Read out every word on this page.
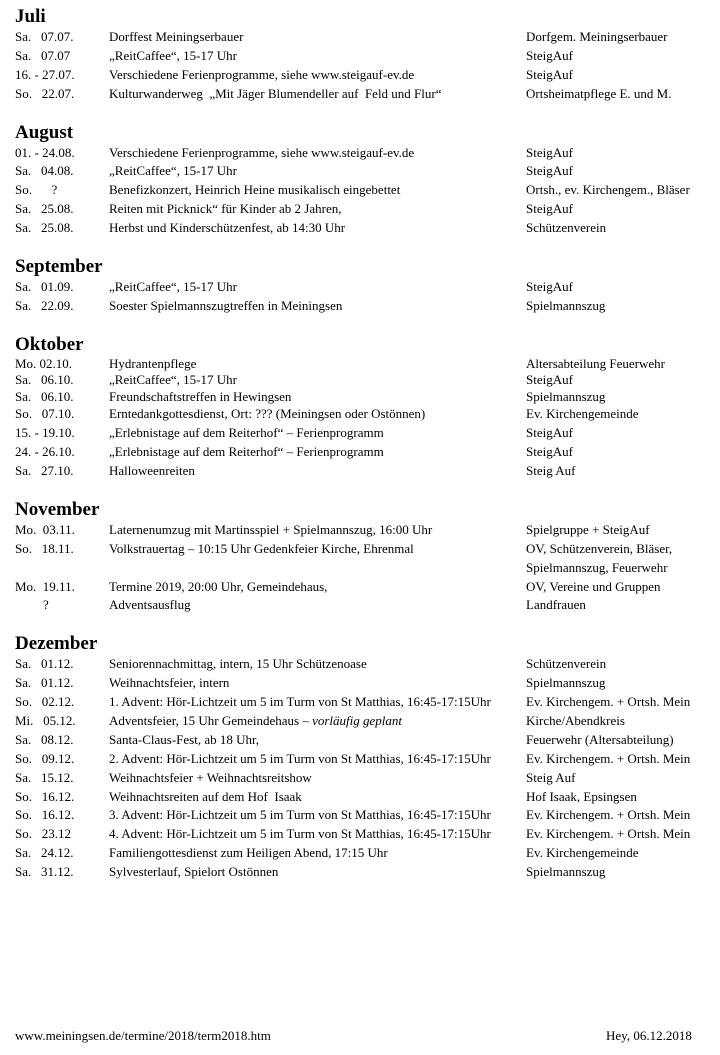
Juli
Sa.   07.07.	Dorffest Meiningserbauer	Dorfgem. Meiningserbauer
Sa.   07.07	„ReitCaffee“, 15-17 Uhr	SteigAuf
16. - 27.07.	Verschiedene Ferienprogramme, siehe www.steigauf-ev.de	SteigAuf
So.   22.07.	Kulturwanderweg  „Mit Jäger Blumendeller auf  Feld und Flur“	Ortsheimatpflege E. und M.
August
01. - 24.08.	Verschiedene Ferienprogramme, siehe www.steigauf-ev.de	SteigAuf
Sa.   04.08.	„ReitCaffee“, 15-17 Uhr	SteigAuf
So.      ?	Benefizkonzert, Heinrich Heine musikalisch eingebettet	Ortsh., ev. Kirchengem., Bläser
Sa.   25.08.	Reiten mit Picknick“ für Kinder ab 2 Jahren,	SteigAuf
Sa.   25.08.	Herbst und Kinderschützenfest, ab 14:30 Uhr	Schützenverein
September
Sa.   01.09.	„ReitCaffee“, 15-17 Uhr	SteigAuf
Sa.   22.09.	Soester Spielmannszugtreffen in Meiningsen	Spielmannszug
Oktober
Mo. 02.10.	Hydrantenpflege	Altersabteilung Feuerwehr
Sa.   06.10.	„ReitCaffee“, 15-17 Uhr	SteigAuf
Sa.   06.10.	Freundschaftstreffen in Hewingsen	Spielmannszug
So.   07.10.	Erntedankgottesdienst, Ort: ??? (Meiningsen oder Ostönnen)	Ev. Kirchengemeinde
15. - 19.10.	„Erlebnistage auf dem Reiterhof“ – Ferienprogramm	SteigAuf
24. - 26.10.	„Erlebnistage auf dem Reiterhof“ – Ferienprogramm	SteigAuf
Sa.   27.10.	Halloweenreiten	Steig Auf
November
Mo.  03.11.	Laternenumzug mit Martinsspiel + Spielmannszug, 16:00 Uhr	Spielgruppe + SteigAuf
So.   18.11.	Volkstrauertag – 10:15 Uhr Gedenkfeier Kirche, Ehrenmal	OV, Schützenverein, Bläser,
Spielmannszug, Feuerwehr
Mo.  19.11.	Termine 2019, 20:00 Uhr, Gemeindehaus,	OV, Vereine und Gruppen
?	Adventsausflug	Landfrauen
Dezember
Sa.   01.12.	Seniorennachmittag, intern, 15 Uhr Schützenoase	Schützenverein
Sa.   01.12.	Weihnachtsfeier, intern	Spielmannszug
So.   02.12.	1. Advent: Hör-Lichtzeit um 5 im Turm von St Matthias, 16:45-17:15Uhr	Ev. Kirchengem. + Ortsh. Mein
Mi.   05.12.	Adventsfeier, 15 Uhr Gemeindehaus – vorläufig geplant	Kirche/Abendkreis
Sa.   08.12.	Santa-Claus-Fest, ab 18 Uhr,	Feuerwehr (Altersabteilung)
So.   09.12.	2. Advent: Hör-Lichtzeit um 5 im Turm von St Matthias, 16:45-17:15Uhr	Ev. Kirchengem. + Ortsh. Mein
Sa.   15.12.	Weihnachtsfeier + Weihnachtsreitshow	Steig Auf
So.   16.12.	Weihnachtsreiten auf dem Hof  Isaak	Hof Isaak, Epsingsen
So.   16.12.	3. Advent: Hör-Lichtzeit um 5 im Turm von St Matthias, 16:45-17:15Uhr	Ev. Kirchengem. + Ortsh. Mein
So.   23.12	4. Advent: Hör-Lichtzeit um 5 im Turm von St Matthias, 16:45-17:15Uhr	Ev. Kirchengem. + Ortsh. Mein
Sa.   24.12.	Familiengottesdienst zum Heiligen Abend, 17:15 Uhr	Ev. Kirchengemeinde
Sa.   31.12.	Sylvesterlauf, Spielort Ostönnen	Spielmannszug
www.meiningsen.de/termine/2018/term2018.htm	Hey, 06.12.2018
